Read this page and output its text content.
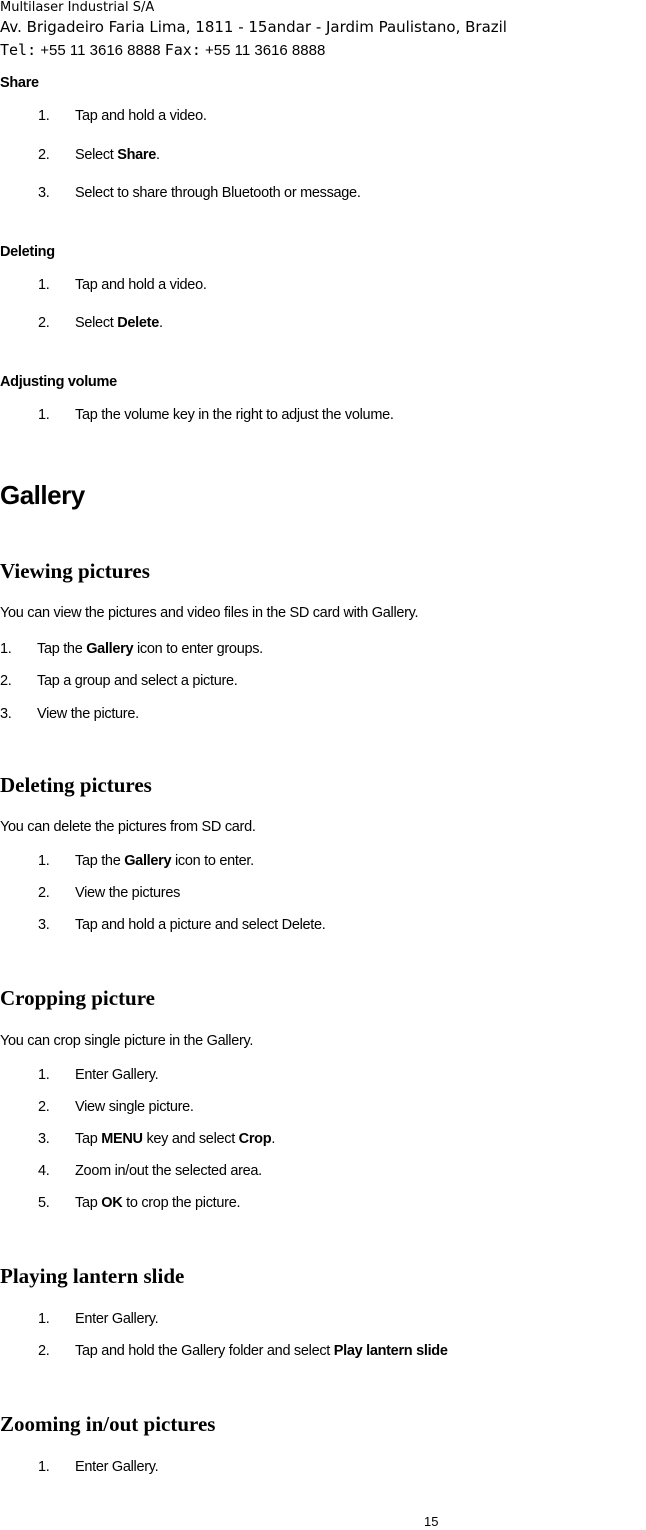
Multilaser Industrial S/A
Av. Brigadeiro Faria Lima, 1811 - 15andar - Jardim Paulistano, Brazil
Tel: +55 11 3616 8888 Fax: +55 11 3616 8888
Share
1. Tap and hold a video.
2. Select Share.
3. Select to share through Bluetooth or message.
Deleting
1. Tap and hold a video.
2. Select Delete.
Adjusting volume
1. Tap the volume key in the right to adjust the volume.
Gallery
Viewing pictures
You can view the pictures and video files in the SD card with Gallery.
1. Tap the Gallery icon to enter groups.
2. Tap a group and select a picture.
3. View the picture.
Deleting pictures
You can delete the pictures from SD card.
1. Tap the Gallery icon to enter.
2. View the pictures
3. Tap and hold a picture and select Delete.
Cropping picture
You can crop single picture in the Gallery.
1. Enter Gallery.
2. View single picture.
3. Tap MENU key and select Crop.
4. Zoom in/out the selected area.
5. Tap OK to crop the picture.
Playing lantern slide
1. Enter Gallery.
2. Tap and hold the Gallery folder and select Play lantern slide
Zooming in/out pictures
1. Enter Gallery.
15
